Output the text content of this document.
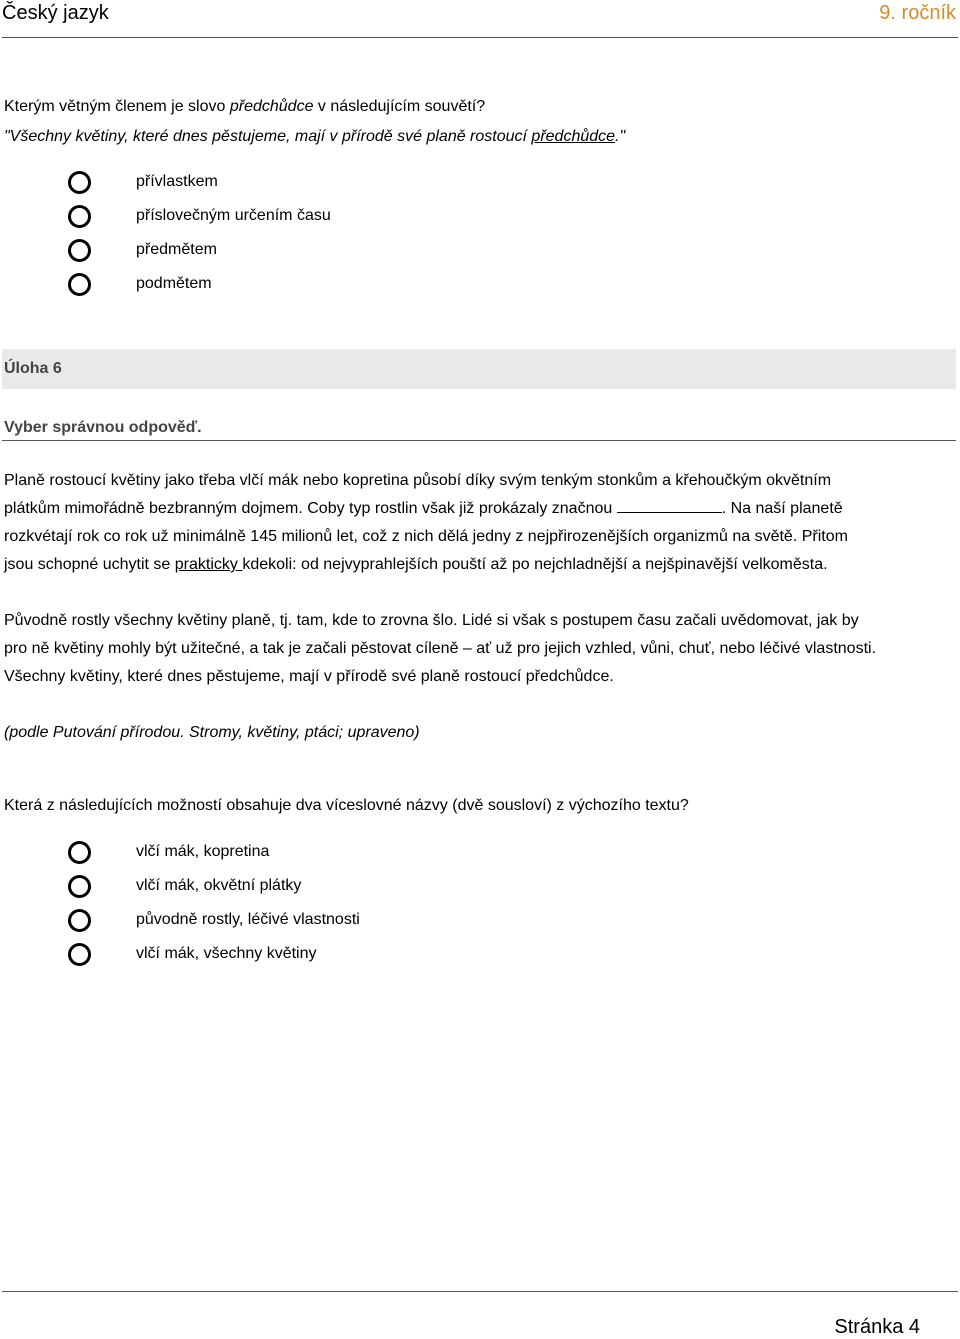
Český jazyk	9. ročník
Kterým větným členem je slovo předchůdce v následujícím souvětí?
"Všechny květiny, které dnes pěstujeme, mají v přírodě své planě rostoucí předchůdce."
přívlastkem
příslovečným určením času
předmětem
podmětem
Úloha 6
Vyber správnou odpověď.
Planě rostoucí květiny jako třeba vlčí mák nebo kopretina působí díky svým tenkým stonkům a křehoučkým okvětním
plátkům mimořádně bezbranným dojmem. Coby typ rostlin však již prokázaly značnou	. Na naší planetě
rozkvétají rok co rok už minimálně 145 milionů let, což z nich dělá jedny z nejpřirozenějších organizmů na světě. Přitom
jsou schopné uchytit se prakticky kdekoli: od nejvyprahlejších pouští až po nejchladnější a nejšpinavější velkoměsta.
Původně rostly všechny květiny planě, tj. tam, kde to zrovna šlo. Lidé si však s postupem času začali uvědomovat, jak by
pro ně květiny mohly být užitečné, a tak je začali pěstovat cíleně – ať už pro jejich vzhled, vůni, chuť, nebo léčivé vlastnosti.
Všechny květiny, které dnes pěstujeme, mají v přírodě své planě rostoucí předchůdce.
(podle Putování přírodou. Stromy, květiny, ptáci; upraveno)
Která z následujících možností obsahuje dva víceslovné názvy (dvě sousloví) z výchozího textu?
vlčí mák, kopretina
vlčí mák, okvětní plátky
původně rostly, léčivé vlastnosti
vlčí mák, všechny květiny
Stránka 4
